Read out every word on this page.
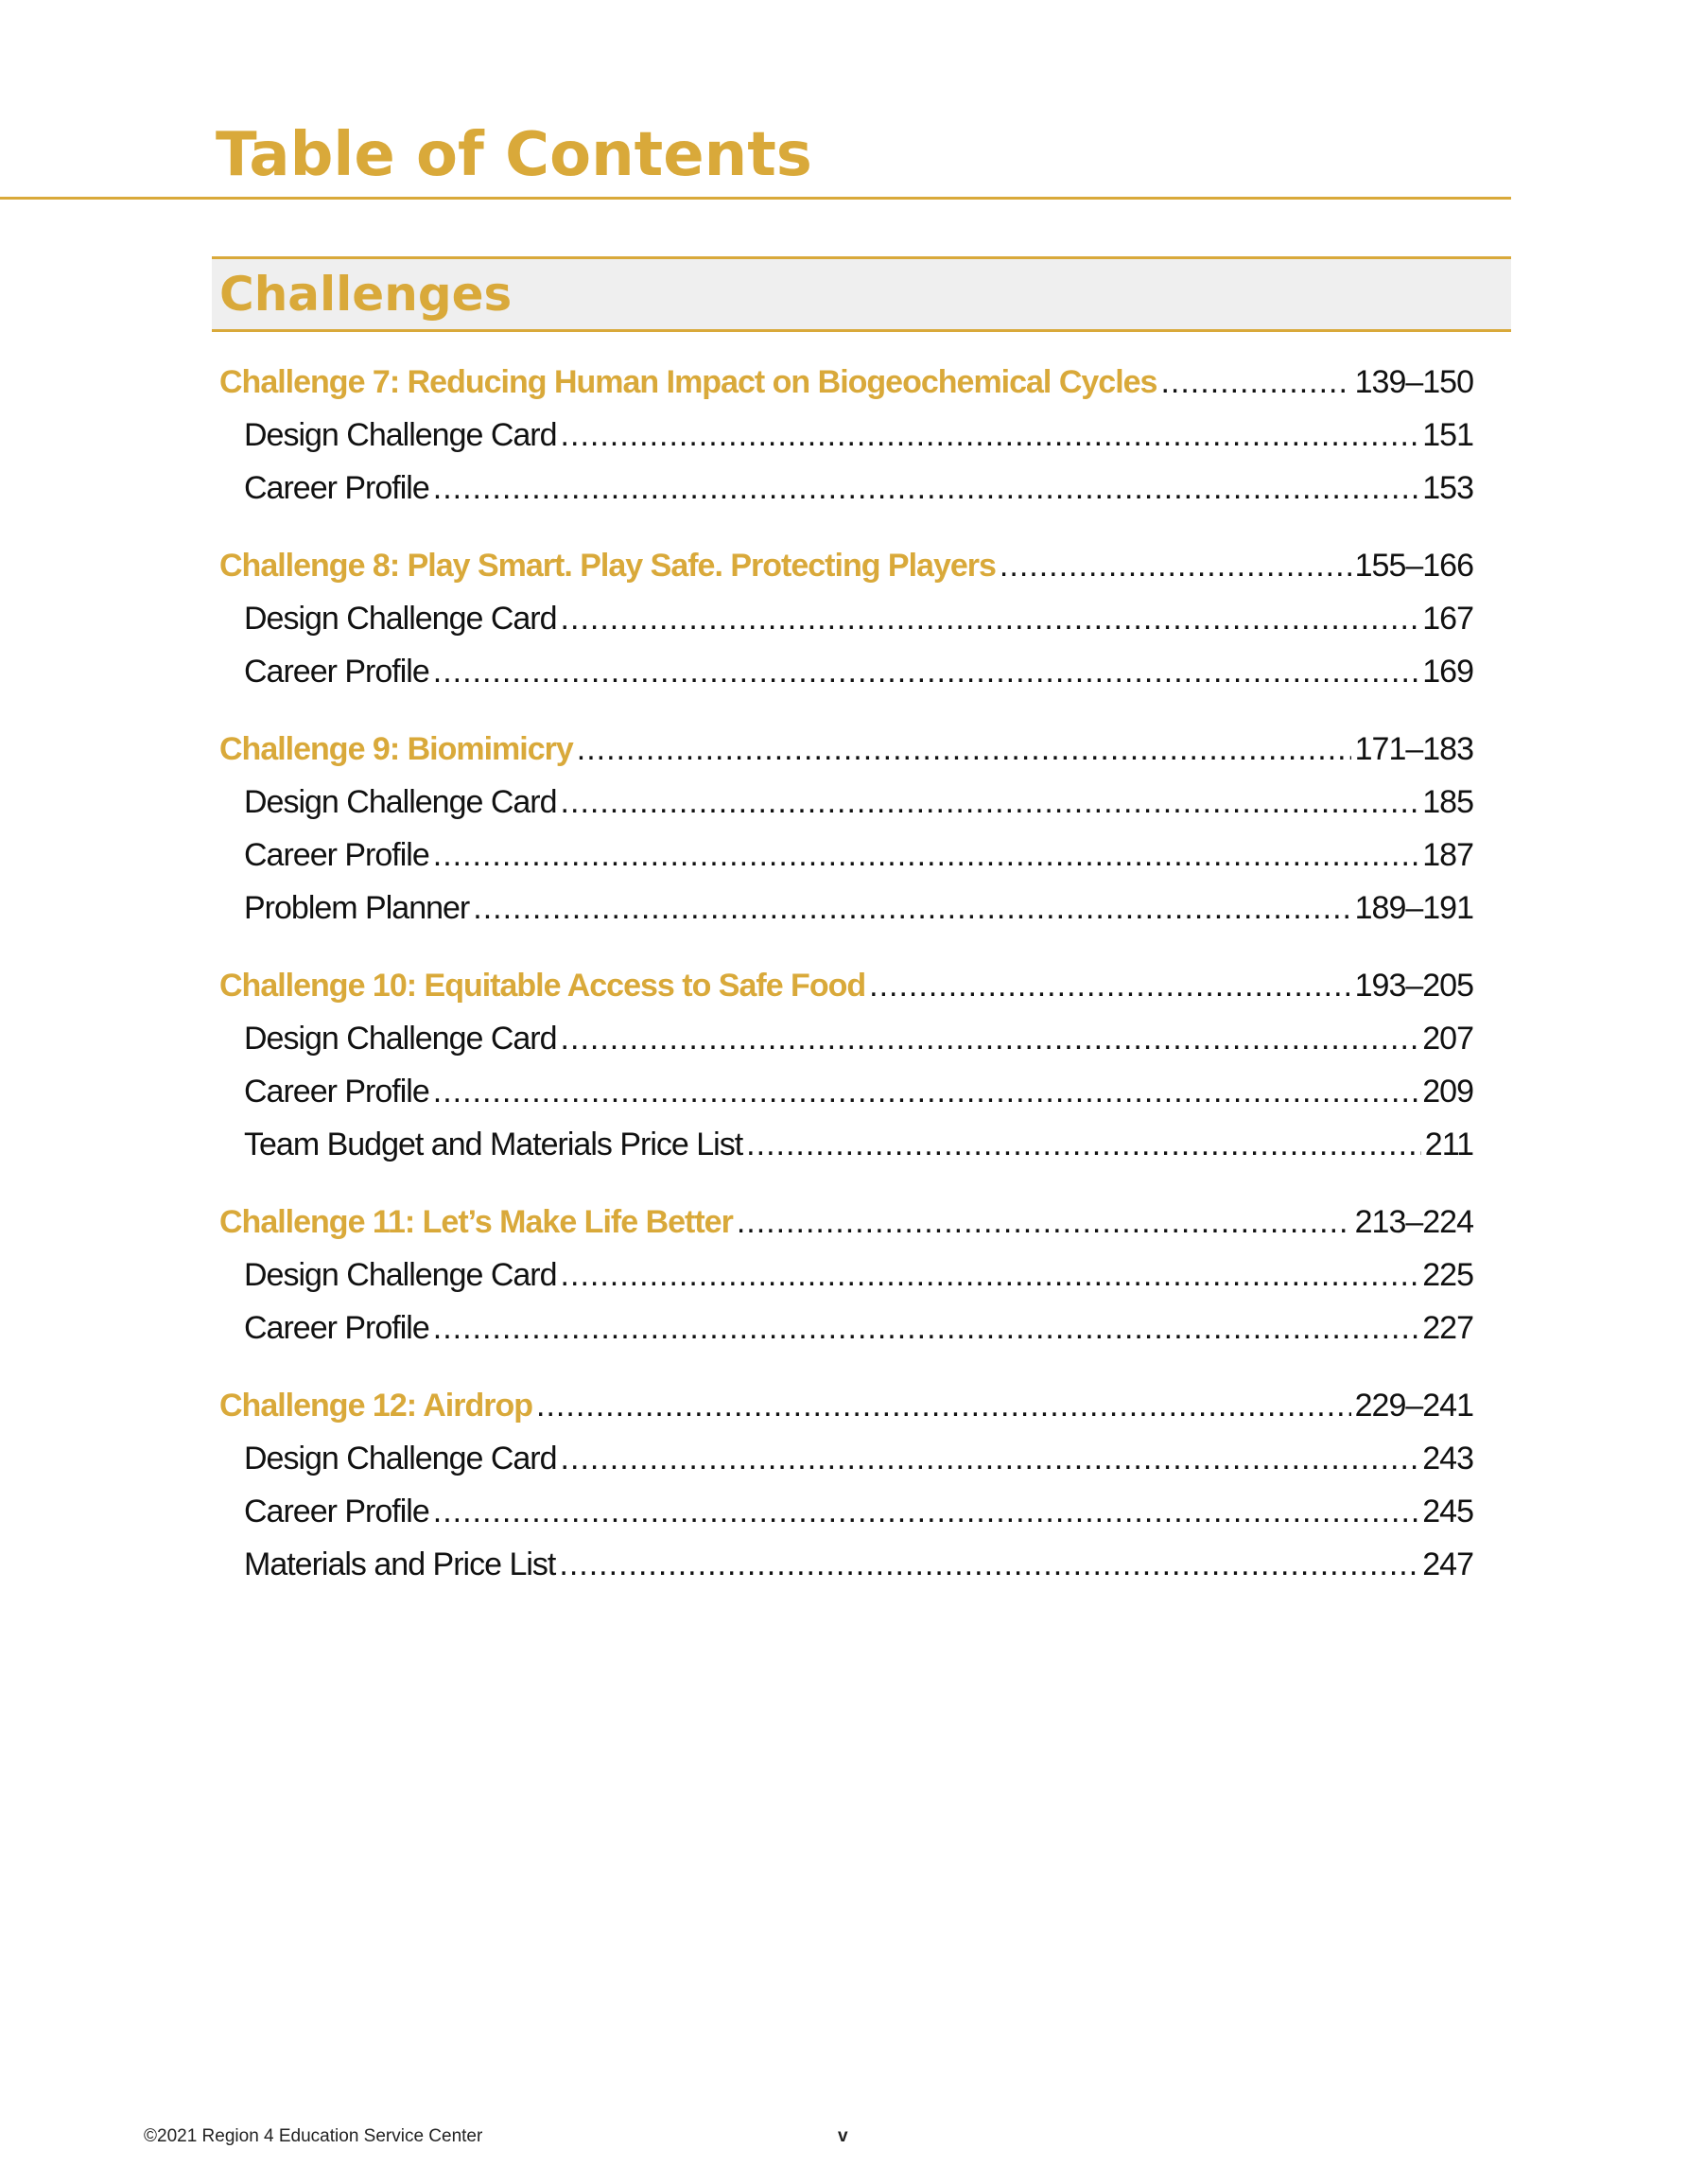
Table of Contents
Challenges
Challenge 7: Reducing Human Impact on Biogeochemical Cycles .....	139–150
Design Challenge Card .....	151
Career Profile .....	153
Challenge 8: Play Smart. Play Safe. Protecting Players .....	155–166
Design Challenge Card .....	167
Career Profile .....	169
Challenge 9: Biomimicry .....	171–183
Design Challenge Card .....	185
Career Profile .....	187
Problem Planner .....	189–191
Challenge 10: Equitable Access to Safe Food .....	193–205
Design Challenge Card .....	207
Career Profile .....	209
Team Budget and Materials Price List .....	211
Challenge 11: Let’s Make Life Better .....	213–224
Design Challenge Card .....	225
Career Profile .....	227
Challenge 12: Airdrop .....	229–241
Design Challenge Card .....	243
Career Profile .....	245
Materials and Price List .....	247
©2021 Region 4 Education Service Center	v
